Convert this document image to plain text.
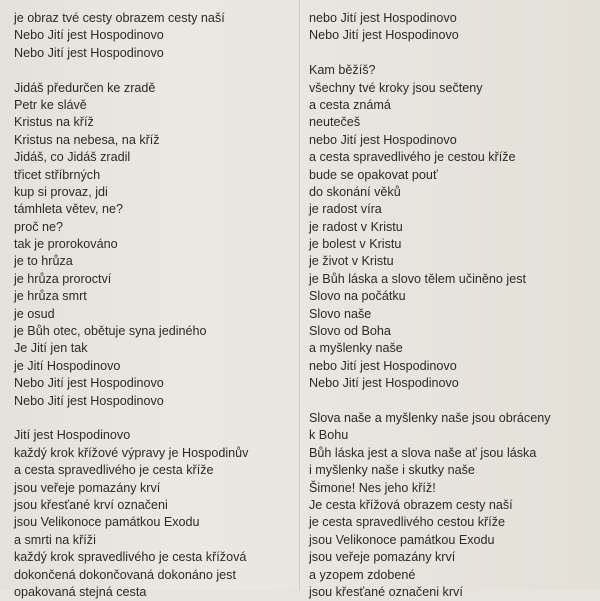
je obraz tvé cesty obrazem cesty naší
Nebo Jití jest Hospodinovo
Nebo Jití jest Hospodinovo
Jidáš předurčen ke zradě
Petr ke slávě
Kristus na kříž
Kristus na nebesa, na kříž
Jidáš, co Jidáš zradil
třicet stříbrných
kup si provaz, jdi
támhleta větev, ne?
proč ne?
tak je prorokováno
je to hrůza
je hrůza proroctví
je hrůza smrt
je osud
je Bůh otec, obětuje syna jediného
Je Jití jen tak
je Jití Hospodinovo
Nebo Jití jest Hospodinovo
Nebo Jití jest Hospodinovo
Jití jest Hospodinovo
každý krok křížové výpravy je Hospodinův
a cesta spravedlivého je cesta kříže
jsou veřeje pomazány krví
jsou křesťané krví označeni
jsou Velikonoce památkou Exodu
a smrti na kříži
každý krok spravedlivého je cesta křížová
dokončená dokončovaná dokonáno jest
opakovaná stejná cesta
nebo Jití jest Hospodinovo
Nebo Jití jest Hospodinovo
Kam běžíš?
všechny tvé kroky jsou sečteny
a cesta známá
neutečeš
nebo Jití jest Hospodinovo
a cesta spravedlivého je cestou kříže
bude se opakovat pouť
do skonání věků
je radost víra
je radost v Kristu
je bolest v Kristu
je život v Kristu
je Bůh láska a slovo tělem učiněno jest
Slovo na počátku
Slovo naše
Slovo od Boha
a myšlenky naše
nebo Jití jest Hospodinovo
Nebo Jití jest Hospodinovo
Slova naše a myšlenky naše jsou obráceny
k Bohu
Bůh láska jest a slova naše ať jsou láska
i myšlenky naše i skutky naše
Šimone! Nes jeho kříž!
Je cesta křížová obrazem cesty naší
je cesta spravedlivého cestou kříže
jsou Velikonoce památkou Exodu
jsou veřeje pomazány krví
a yzopem zdobené
jsou křesťané označeni krví
